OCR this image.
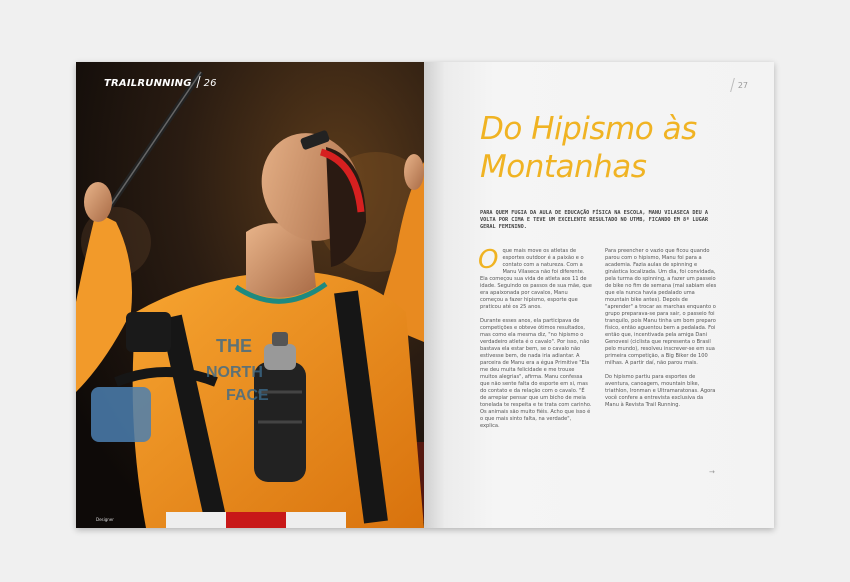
THE
NORTH
FACE
TRAILRUNNING 26
Designer
27
Do Hipismo às
Montanhas

PARA QUEM FUGIA DA AULA DE EDUCAÇÃO FÍSICA NA ESCOLA, MANU VILASECA DEU A VOLTA POR CIMA E TEVE UM EXCELENTE RESULTADO NO UTMB, FICANDO EM 8º LUGAR GERAL FEMININO.

Oque mais move os atletas de esportes outdoor é a paixão e o contato com a natureza. Com a Manu Vilaseca não foi diferente. Ela começou sua vida de atleta aos 11 de idade. Seguindo os passos de sua mãe, que era apaixonada por cavalos, Manu começou a fazer hipismo, esporte que praticou até os 25 anos.

Durante esses anos, ela participava de competições e obteve ótimos resultados, mas como ela mesma diz, "no hipismo o verdadeiro atleta é o cavalo". Por isso, não bastava ela estar bem, se o cavalo não estivesse bem, de nada iria adiantar. A parceira de Manu era a égua Primitive "Ela me deu muita felicidade e me trouxe muitos alegrias", afirma. Manu confessa que não sente falta do esporte em si, mas do contato e da relação com o cavalo. "É de arrepiar pensar que um bicho de meia tonelada te respeita e te trata com carinho. Os animais são muito fiéis. Acho que isso é o que mais sinto falta, na verdade", explica.

Para preencher o vazio que ficou quando parou com o hipismo, Manu foi para a academia. Fazia aulas de spinning e ginástica localizada. Um dia, foi convidada, pela turma do spinning, a fazer um passeio de bike no fim de semana (mal sabiam eles que ela nunca havia pedalado uma mountain bike antes). Depois de "aprender" a trocar as marchas enquanto o grupo preparava-se para sair, o passeio foi tranquilo, pois Manu tinha um bom preparo físico, então aguentou bem a pedalada. Foi então que, incentivada pela amiga Dani Genovesi (ciclista que representa o Brasil pelo mundo), resolveu inscrever-se em sua primeira competição, a Big Biker de 100 milhas. A partir daí, não parou mais.

Do hipismo partiu para esportes de aventura, canoagem, mountain bike, triathlon, Ironman e Ultramaratonas. Agora você confere a entrevista exclusiva da Manu à Revista Trail Running.

→
